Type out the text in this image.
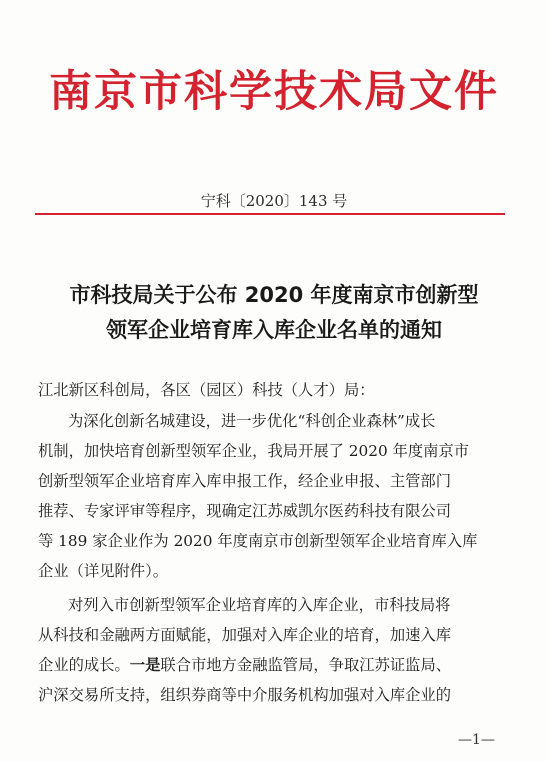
南京市科学技术局文件
宁科〔2020〕143 号
市科技局关于公布 2020 年度南京市创新型
领军企业培育库入库企业名单的通知
江北新区科创局，各区（园区）科技（人才）局：
为深化创新名城建设，进一步优化“科创企业森林”成长
机制，加快培育创新型领军企业，我局开展了 2020 年度南京市
创新型领军企业培育库入库申报工作，经企业申报、主管部门
推荐、专家评审等程序，现确定江苏威凯尔医药科技有限公司
等 189 家企业作为 2020 年度南京市创新型领军企业培育库入库
企业（详见附件）。
对列入市创新型领军企业培育库的入库企业，市科技局将
从科技和金融两方面赋能，加强对入库企业的培育，加速入库
企业的成长。一是联合市地方金融监管局，争取江苏证监局、
沪深交易所支持，组织券商等中介服务机构加强对入库企业的
—1—
